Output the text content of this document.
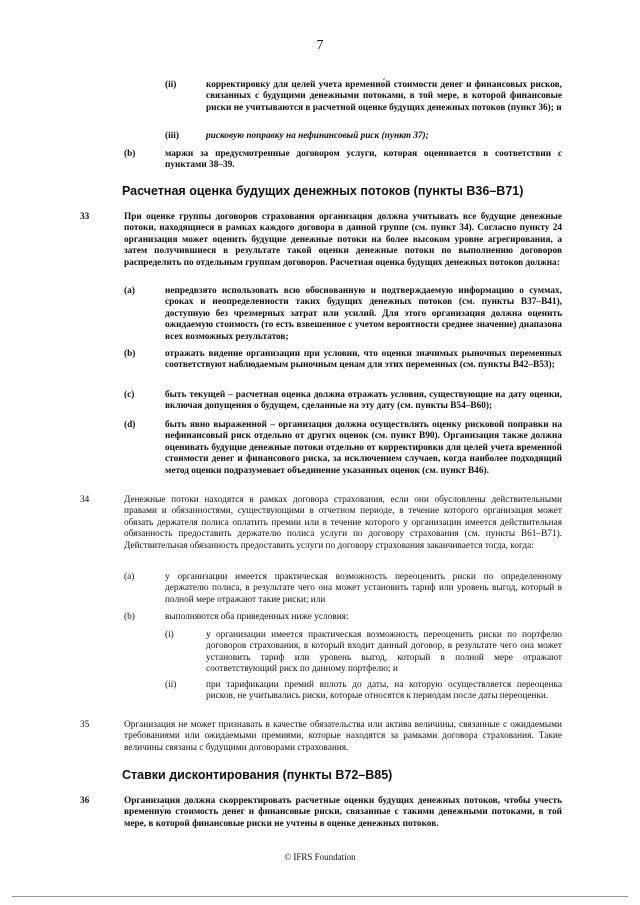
7
(ii)	корректировку для целей учета временно́й стоимости денег и финансовых рисков, связанных с будущими денежными потоками, в той мере, в которой финансовые риски не учитываются в расчетной оценке будущих денежных потоков (пункт 36); и
(iii)	рисковую поправку на нефинансовый риск (пункт 37);
(b)	маржи за предусмотренные договором услуги, которая оценивается в соответствии с пунктами 38–39.
Расчетная оценка будущих денежных потоков (пункты B36–B71)
33	При оценке группы договоров страхования организация должна учитывать все будущие денежные потоки, находящиеся в рамках каждого договора в данной группе (см. пункт 34). Согласно пункту 24 организация может оценить будущие денежные потоки на более высоком уровне агрегирования, а затем получившиеся в результате такой оценки денежные потоки по выполнению договоров распределить по отдельным группам договоров. Расчетная оценка будущих денежных потоков должна:
(a)	непредвзято использовать всю обоснованную и подтверждаемую информацию о суммах, сроках и неопределенности таких будущих денежных потоков (см. пункты B37–B41), доступную без чрезмерных затрат или усилий. Для этого организация должна оценить ожидаемую стоимость (то есть взвешенное с учетом вероятности среднее значение) диапазона всех возможных результатов;
(b)	отражать видение организации при условии, что оценки значимых рыночных переменных соответствуют наблюдаемым рыночным ценам для этих переменных (см. пункты B42–B53);
(c)	быть текущей – расчетная оценка должна отражать условия, существующие на дату оценки, включая допущения о будущем, сделанные на эту дату (см. пункты B54–B60);
(d)	быть явно выраженной – организация должна осуществлять оценку рисковой поправки на нефинансовый риск отдельно от других оценок (см. пункт B90). Организация также должна оценивать будущие денежные потоки отдельно от корректировки для целей учета временно́й стоимости денег и финансового риска, за исключением случаев, когда наиболее подходящий метод оценки подразумевает объединение указанных оценок (см. пункт B46).
34	Денежные потоки находятся в рамках договора страхования, если они обусловлены действительными правами и обязанностями, существующими в отчетном периоде, в течение которого организация может обязать держателя полиса оплатить премии или в течение которого у организации имеется действительная обязанность предоставить держателю полиса услуги по договору страхования (см. пункты B61–B71). Действительная обязанность предоставить услуги по договору страхования заканчивается тогда, когда:
(a)	у организации имеется практическая возможность переоценить риски по определенному держателю полиса, в результате чего она может установить тариф или уровень выгод, который в полной мере отражают такие риски; или
(b)	выполняются оба приведенных ниже условия:
(i)	у организации имеется практическая возможность переоценить риски по портфелю договоров страхования, в который входит данный договор, в результате чего она может установить тариф или уровень выгод, который в полной мере отражают соответствующий риск по данному портфелю; и
(ii)	при тарификации премий вплоть до даты, на которую осуществляется переоценка рисков, не учитывались риски, которые относятся к периодам после даты переоценки.
35	Организация не может признавать в качестве обязательства или актива величины, связанные с ожидаемыми требованиями или ожидаемыми премиями, которые находятся за рамками договора страхования. Такие величины связаны с будущими договорами страхования.
Ставки дисконтирования (пункты B72–B85)
36	Организация должна скорректировать расчетные оценки будущих денежных потоков, чтобы учесть временну́ю стоимость денег и финансовые риски, связанные с такими денежными потоками, в той мере, в которой финансовые риски не учтены в оценке денежных потоков.
© IFRS Foundation
